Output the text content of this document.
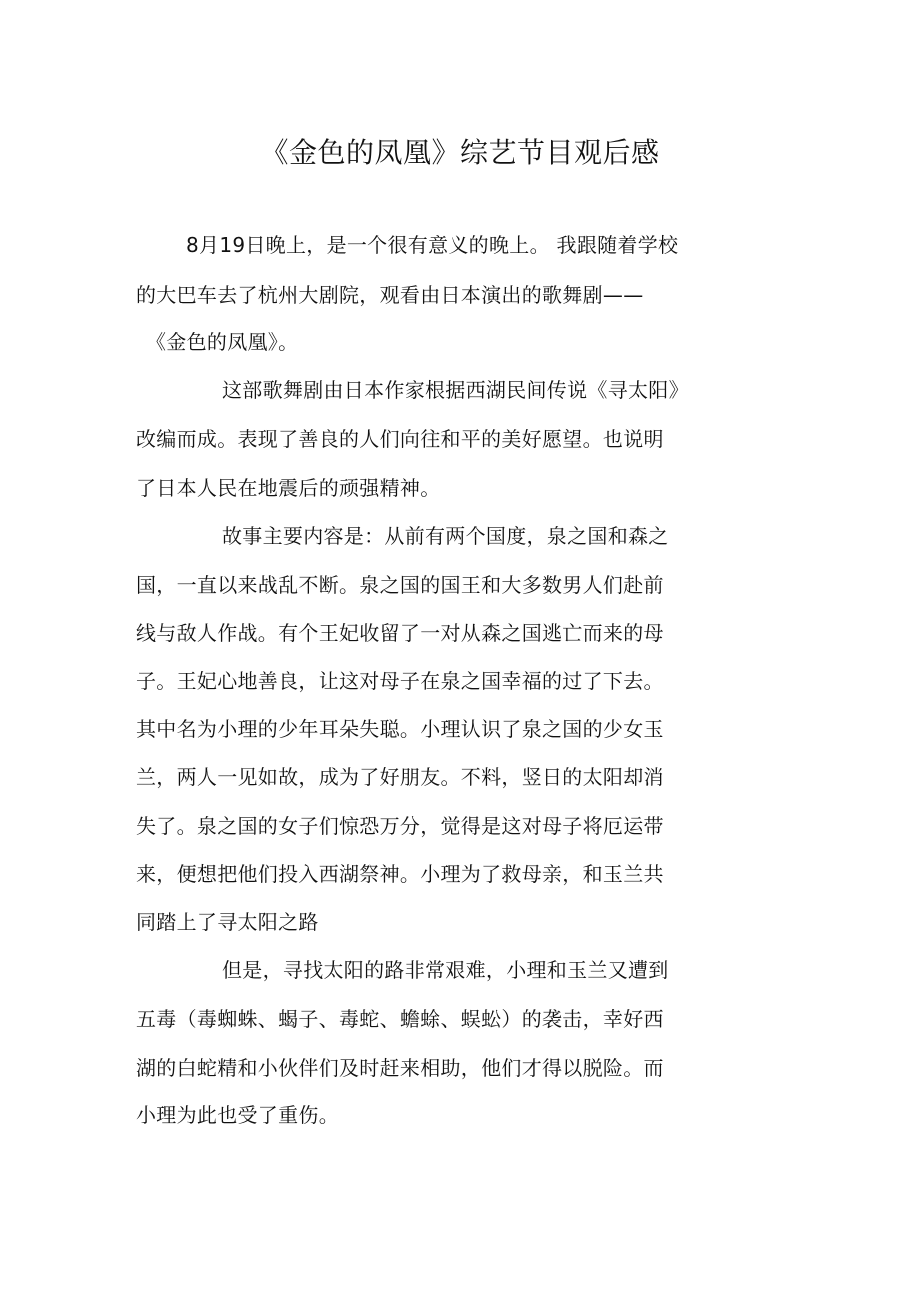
《金色的凤凰》综艺节目观后感
8月19日晚上，是一个很有意义的晚上。 我跟随着学校
的大巴车去了杭州大剧院，观看由日本演出的歌舞剧——
《金色的凤凰》。
这部歌舞剧由日本作家根据西湖民间传说《寻太阳》
改编而成。表现了善良的人们向往和平的美好愿望。也说明
了日本人民在地震后的顽强精神。
故事主要内容是：从前有两个国度，泉之国和森之
国，一直以来战乱不断。泉之国的国王和大多数男人们赴前
线与敌人作战。有个王妃收留了一对从森之国逃亡而来的母
子。王妃心地善良，让这对母子在泉之国幸福的过了下去。
其中名为小理的少年耳朵失聪。小理认识了泉之国的少女玉
兰，两人一见如故，成为了好朋友。不料，竖日的太阳却消
失了。泉之国的女子们惊恐万分，觉得是这对母子将厄运带
来，便想把他们投入西湖祭神。小理为了救母亲，和玉兰共
同踏上了寻太阳之路
但是，寻找太阳的路非常艰难，小理和玉兰又遭到
五毒（毒蜘蛛、蝎子、毒蛇、蟾蜍、蜈蚣）的袭击，幸好西
湖的白蛇精和小伙伴们及时赶来相助，他们才得以脱险。而
小理为此也受了重伤。
